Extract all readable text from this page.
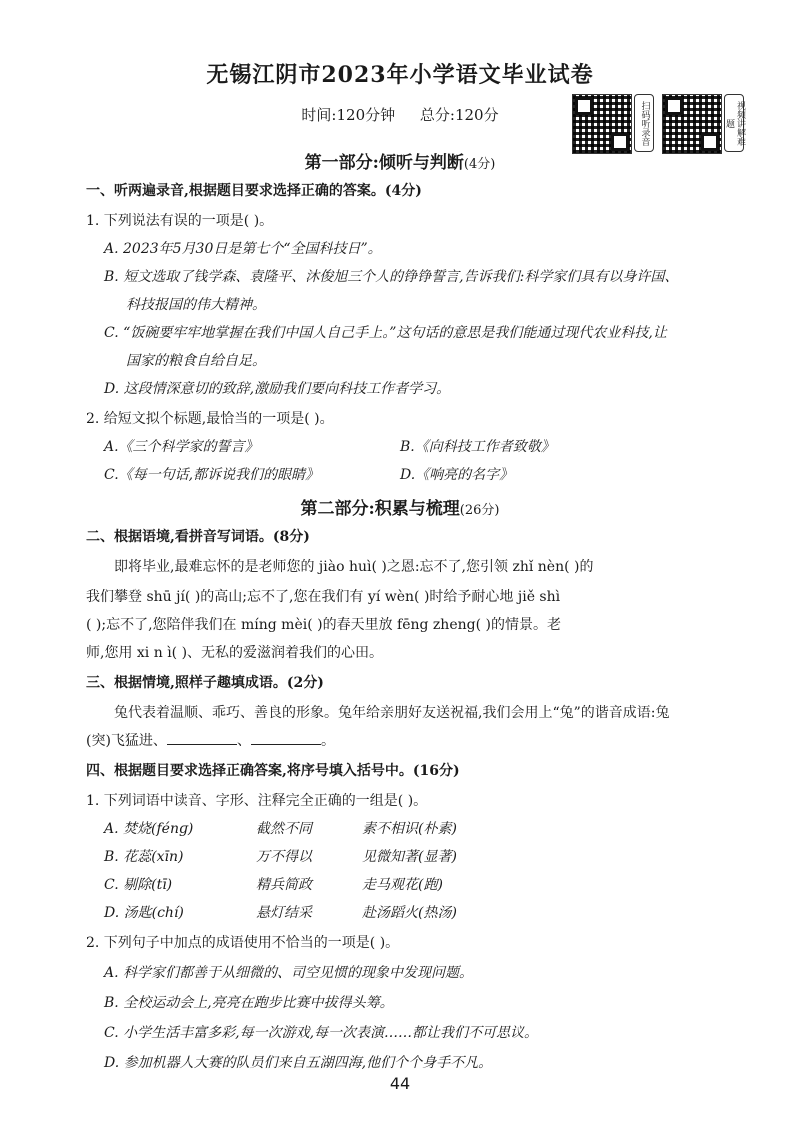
无锡江阴市2023年小学语文毕业试卷
时间:120分钟 总分:120分	扫码听录音	视频讲解难题
第一部分:倾听与判断(4分)
一、听两遍录音,根据题目要求选择正确的答案。(4分)
1. 下列说法有误的一项是( )。
A. 2023年5月30日是第七个“全国科技日”。
B. 短文选取了钱学森、袁隆平、沐俊旭三个人的铮铮誓言,告诉我们:科学家们具有以身许国、
科技报国的伟大精神。
C. “饭碗要牢牢地掌握在我们中国人自己手上。”这句话的意思是我们能通过现代农业科技,让
国家的粮食自给自足。
D. 这段情深意切的致辞,激励我们要向科技工作者学习。
2. 给短文拟个标题,最恰当的一项是( )。
A.《三个科学家的誓言》	B.《向科技工作者致敬》
C.《每一句话,都诉说我们的眼睛》	D.《响亮的名字》
第二部分:积累与梳理(26分)
二、根据语境,看拼音写词语。(8分)
即将毕业,最难忘怀的是老师您的 jiào huì( )之恩:忘不了,您引领 zhǐ nèn( )的
我们攀登 shū jí( )的高山;忘不了,您在我们有 yí wèn( )时给予耐心地 jiě shì
( );忘不了,您陪伴我们在 míng mèi( )的春天里放 fēng zheng( )的情景。老
师,您用 xi n ì( )、无私的爱滋润着我们的心田。
三、根据情境,照样子趣填成语。(2分)
兔代表着温顺、乖巧、善良的形象。兔年给亲朋好友送祝福,我们会用上“兔”的谐音成语:兔
(突)飞猛进、	、	。
四、根据题目要求选择正确答案,将序号填入括号中。(16分)
1. 下列词语中读音、字形、注释完全正确的一组是( )。
A. 焚烧(fénɡ)	截然不同	素不相识(朴素)
B. 花蕊(xīn)	万不得以	见微知著(显著)
C. 剔除(tī)	精兵简政	走马观花(跑)
D. 汤匙(chí)	悬灯结采	赴汤蹈火(热汤)
2. 下列句子中加点的成语使用不恰当的一项是( )。
A. 科学家们都善于从细微的、司空见惯的现象中发现问题。
B. 全校运动会上,亮亮在跑步比赛中拔得头筹。
C. 小学生活丰富多彩,每一次游戏,每一次表演……都让我们不可思议。
D. 参加机器人大赛的队员们来自五湖四海,他们个个身手不凡。
44
